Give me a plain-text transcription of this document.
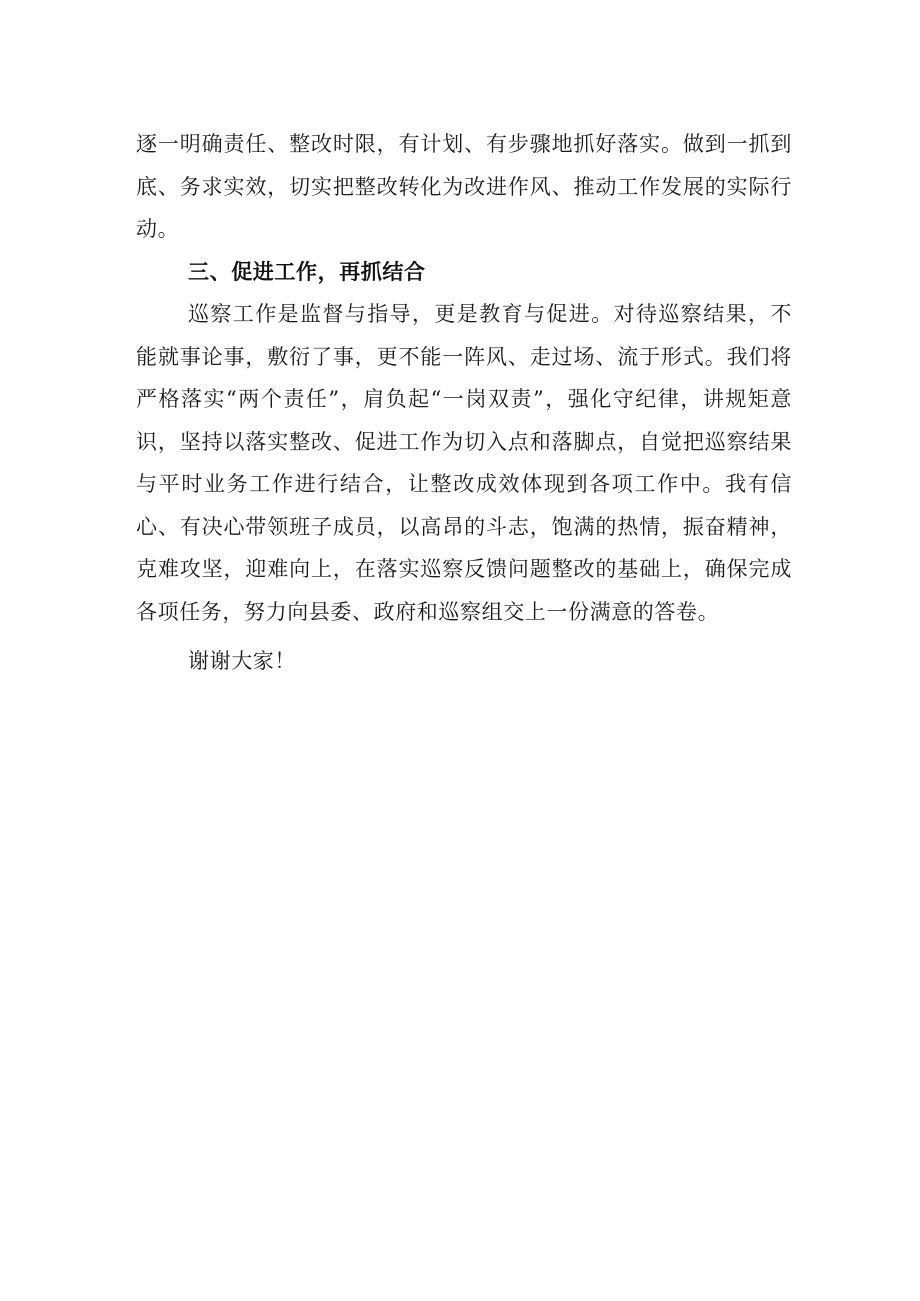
逐一明确责任、整改时限，有计划、有步骤地抓好落实。做到一抓到底、务求实效，切实把整改转化为改进作风、推动工作发展的实际行动。

三、促进工作，再抓结合

巡察工作是监督与指导，更是教育与促进。对待巡察结果，不能就事论事，敷衍了事，更不能一阵风、走过场、流于形式。我们将严格落实“两个责任”，肩负起“一岗双责”，强化守纪律，讲规矩意识，坚持以落实整改、促进工作为切入点和落脚点，自觉把巡察结果与平时业务工作进行结合，让整改成效体现到各项工作中。我有信心、有决心带领班子成员，以高昂的斗志，饱满的热情，振奋精神，克难攻坚，迎难向上，在落实巡察反馈问题整改的基础上，确保完成各项任务，努力向县委、政府和巡察组交上一份满意的答卷。

谢谢大家！
